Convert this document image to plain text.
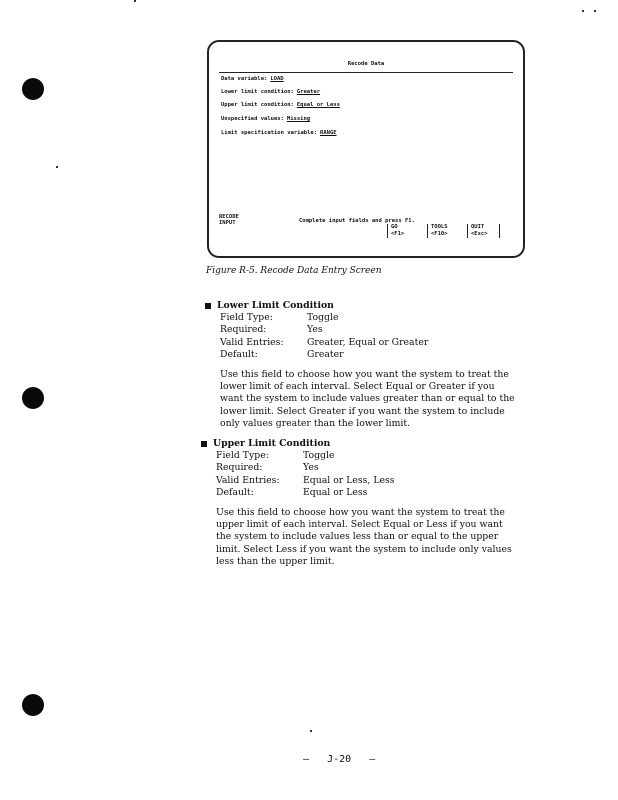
Recode Data
Data variable: LOAD
Lower limit condition: Greater
Upper limit condition: Equal or Less
Unspecified values: Missing
Limit specification variable: RANGE
RECODE
INPUT	Complete input fields and press F1.
GO
<F1>
TOOLS
<F10>
QUIT
<Esc>
Figure R-5. Recode Data Entry Screen
Lower Limit Condition
Field Type:	Toggle
Required:	Yes
Valid Entries:	Greater, Equal or Greater
Default:	Greater
Use this field to choose how you want the system to treat the lower limit of each interval. Select Equal or Greater if you want the system to include values greater than or equal to the lower limit. Select Greater if you want the system to include only values greater than the lower limit.
Upper Limit Condition
Field Type:	Toggle
Required:	Yes
Valid Entries:	Equal or Less, Less
Default:	Equal or Less
Use this field to choose how you want the system to treat the upper limit of each interval. Select Equal or Less if you want the system to include values less than or equal to the upper limit. Select Less if you want the system to include only values less than the upper limit.
–   J-20   –
